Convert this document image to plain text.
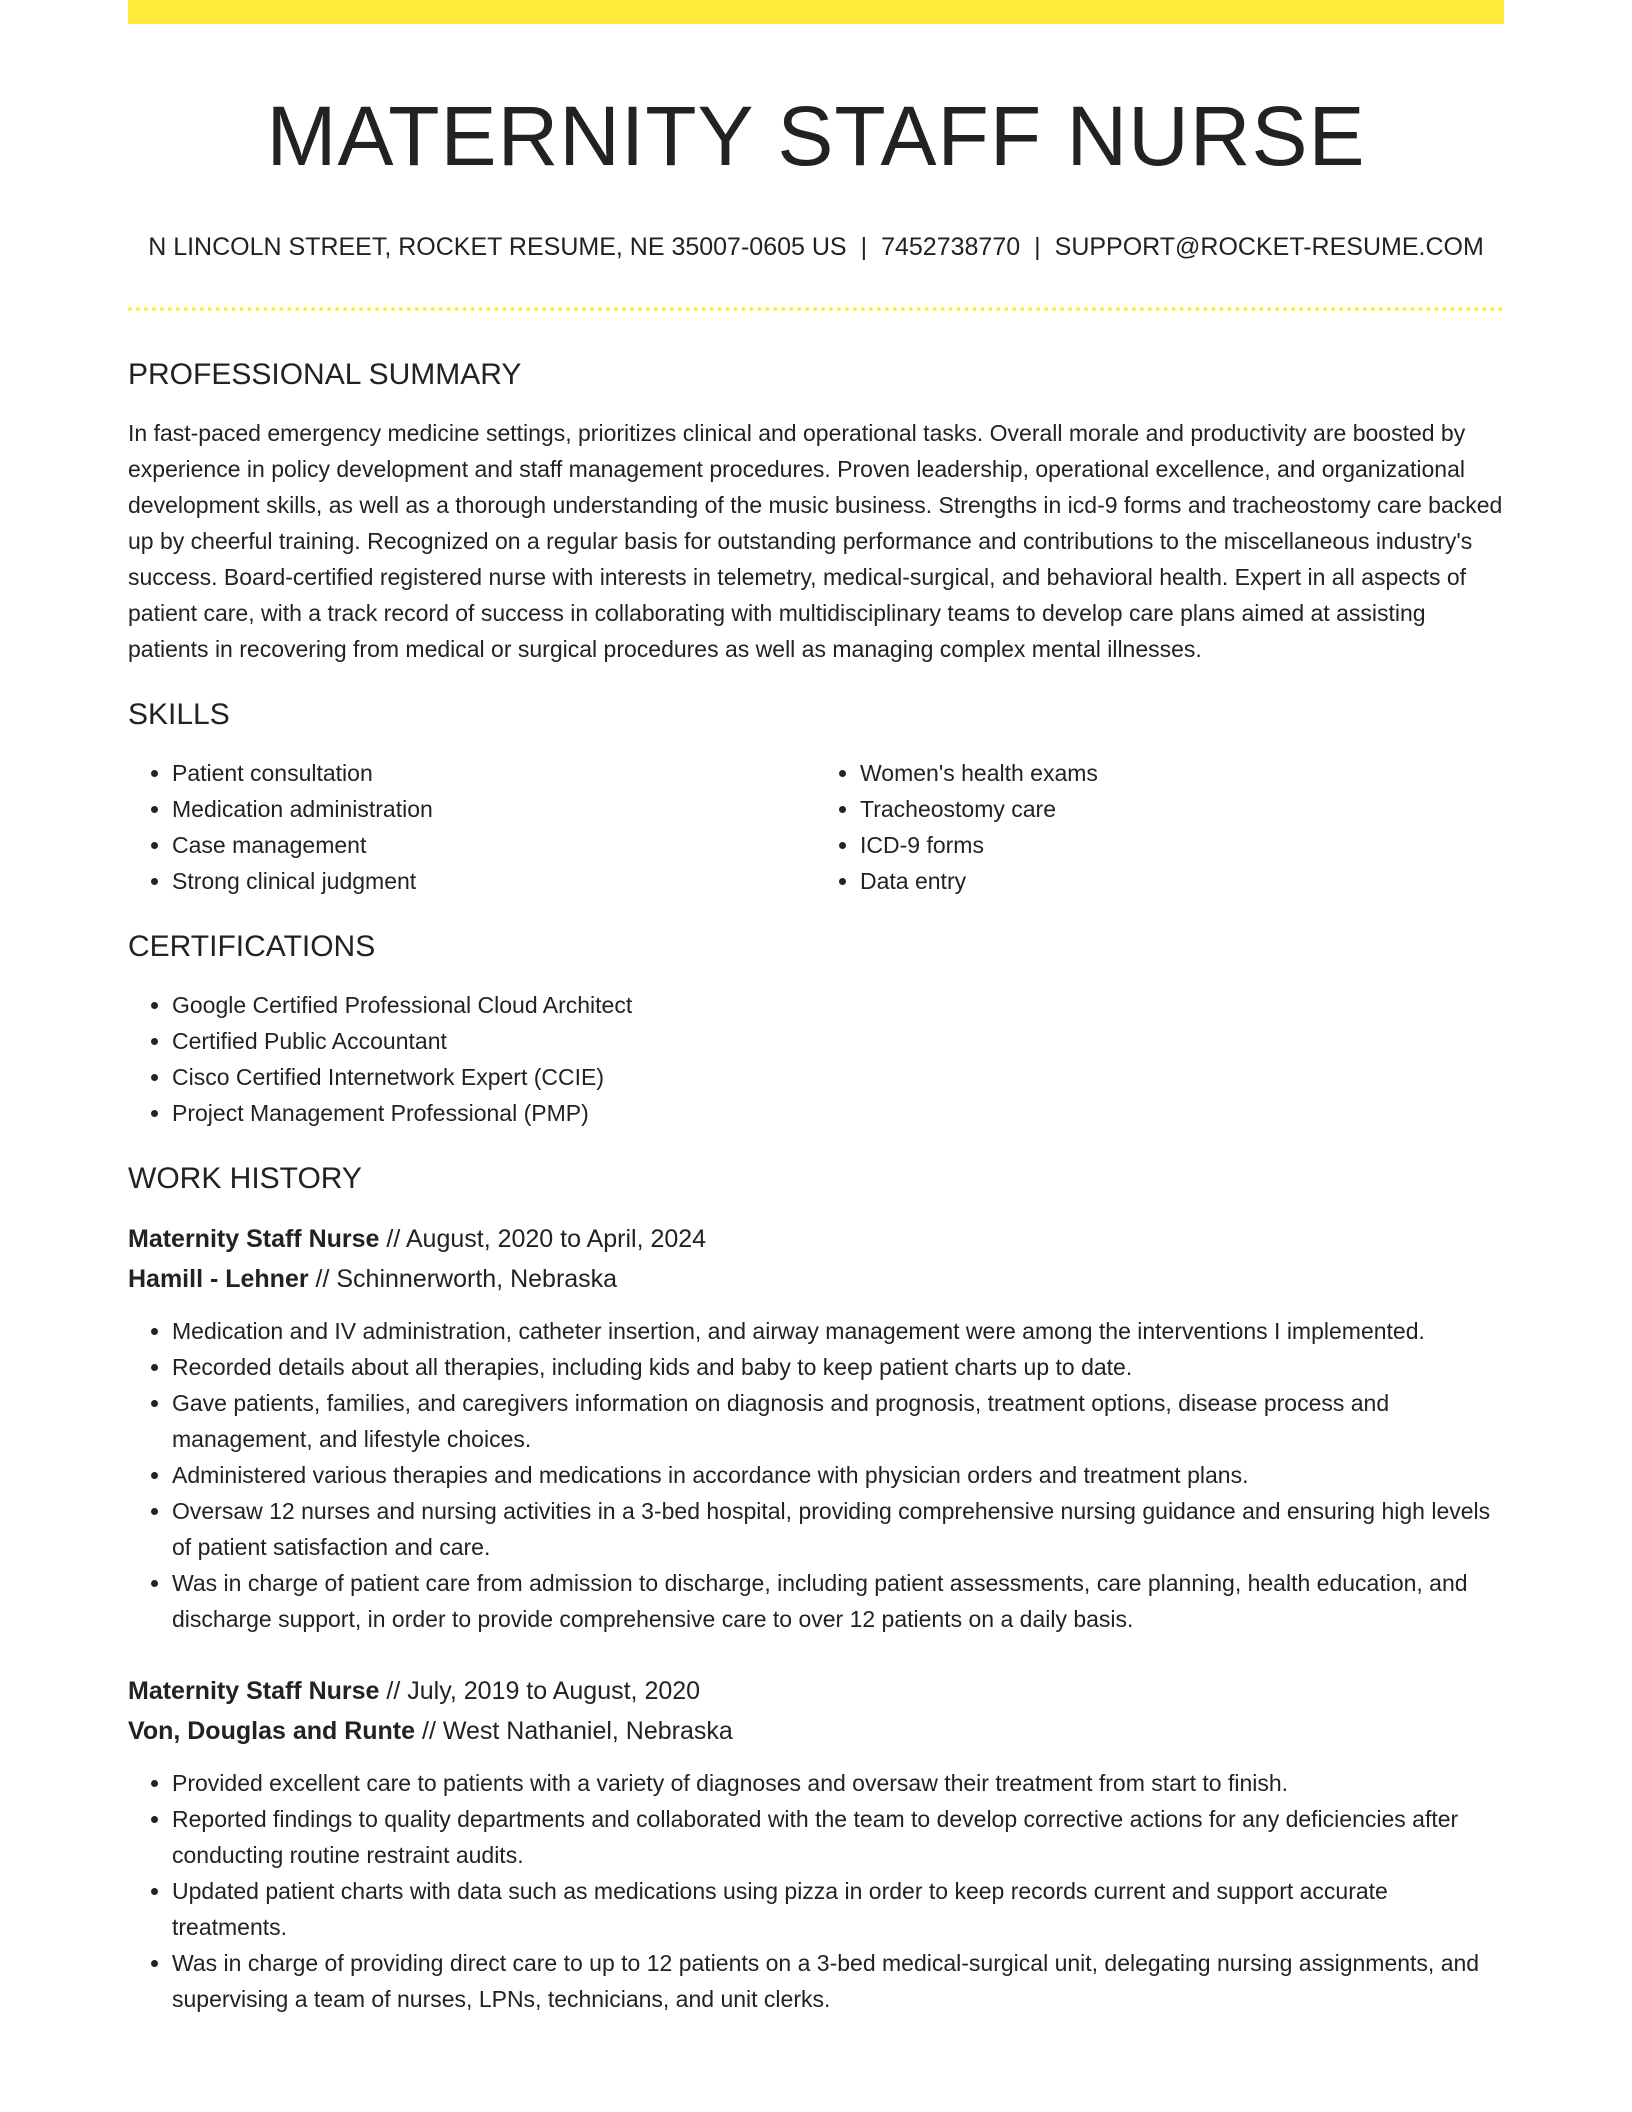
MATERNITY STAFF NURSE
N LINCOLN STREET, ROCKET RESUME, NE 35007-0605 US | 7452738770 | SUPPORT@ROCKET-RESUME.COM
PROFESSIONAL SUMMARY

In fast-paced emergency medicine settings, prioritizes clinical and operational tasks. Overall morale and productivity are boosted by experience in policy development and staff management procedures. Proven leadership, operational excellence, and organizational development skills, as well as a thorough understanding of the music business. Strengths in icd-9 forms and tracheostomy care backed up by cheerful training. Recognized on a regular basis for outstanding performance and contributions to the miscellaneous industry's success. Board-certified registered nurse with interests in telemetry, medical-surgical, and behavioral health. Expert in all aspects of patient care, with a track record of success in collaborating with multidisciplinary teams to develop care plans aimed at assisting patients in recovering from medical or surgical procedures as well as managing complex mental illnesses.

SKILLS
• Patient consultation
• Medication administration
• Case management
• Strong clinical judgment
• Women's health exams
• Tracheostomy care
• ICD-9 forms
• Data entry
CERTIFICATIONS
• Google Certified Professional Cloud Architect
• Certified Public Accountant
• Cisco Certified Internetwork Expert (CCIE)
• Project Management Professional (PMP)
WORK HISTORY
Maternity Staff Nurse // August, 2020 to April, 2024
Hamill - Lehner // Schinnerworth, Nebraska
• Medication and IV administration, catheter insertion, and airway management were among the interventions I implemented.
• Recorded details about all therapies, including kids and baby to keep patient charts up to date.
• Gave patients, families, and caregivers information on diagnosis and prognosis, treatment options, disease process and management, and lifestyle choices.
• Administered various therapies and medications in accordance with physician orders and treatment plans.
• Oversaw 12 nurses and nursing activities in a 3-bed hospital, providing comprehensive nursing guidance and ensuring high levels of patient satisfaction and care.
• Was in charge of patient care from admission to discharge, including patient assessments, care planning, health education, and discharge support, in order to provide comprehensive care to over 12 patients on a daily basis.
Maternity Staff Nurse // July, 2019 to August, 2020
Von, Douglas and Runte // West Nathaniel, Nebraska
• Provided excellent care to patients with a variety of diagnoses and oversaw their treatment from start to finish.
• Reported findings to quality departments and collaborated with the team to develop corrective actions for any deficiencies after conducting routine restraint audits.
• Updated patient charts with data such as medications using pizza in order to keep records current and support accurate treatments.
• Was in charge of providing direct care to up to 12 patients on a 3-bed medical-surgical unit, delegating nursing assignments, and supervising a team of nurses, LPNs, technicians, and unit clerks.
